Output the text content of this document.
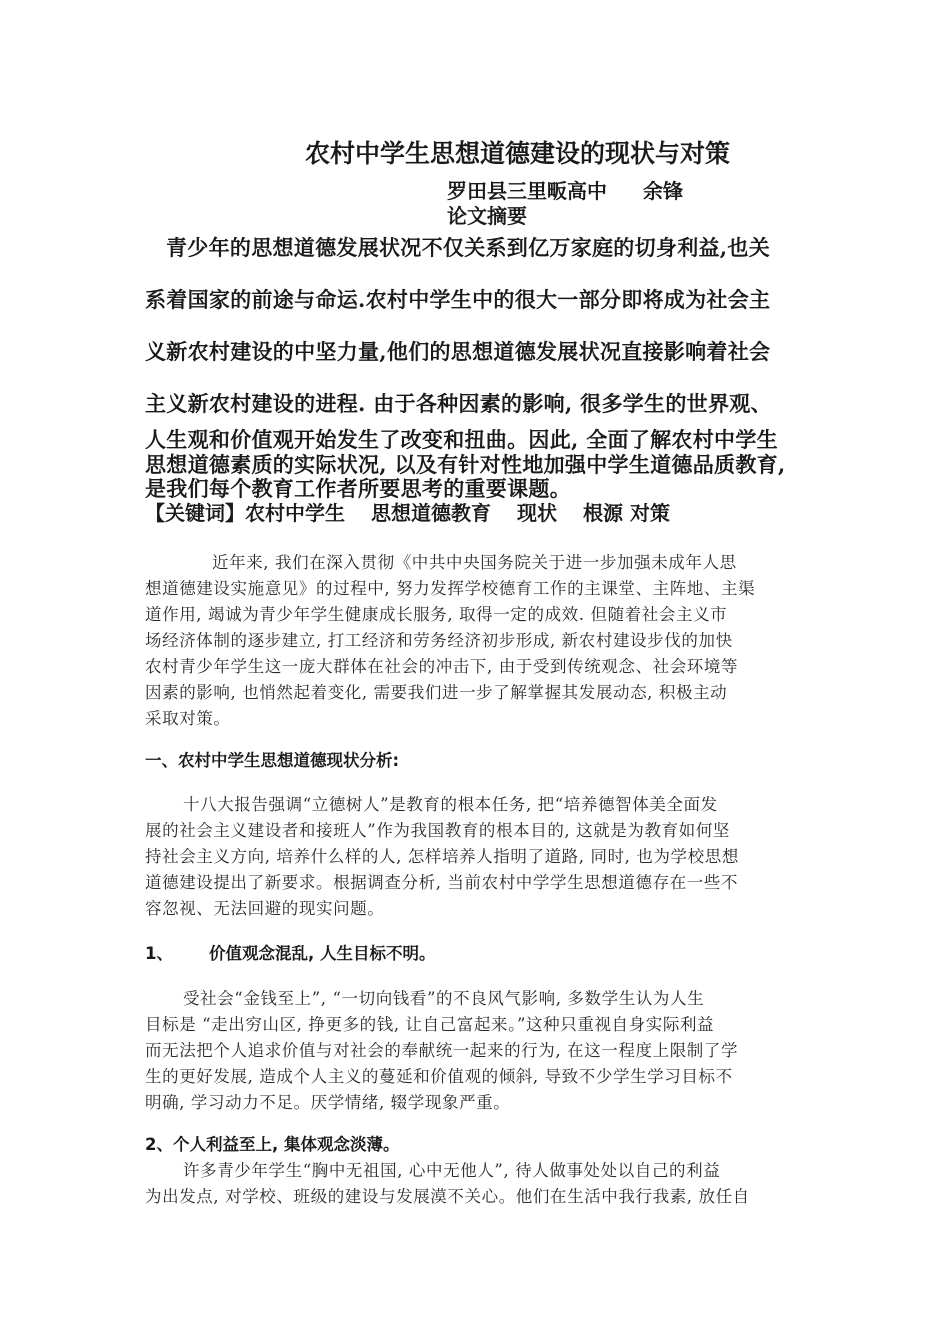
农村中学生思想道德建设的现状与对策
罗田县三里畈高中 余锋
论文摘要
青少年的思想道德发展状况不仅关系到亿万家庭的切身利益,也关
系着国家的前途与命运.农村中学生中的很大一部分即将成为社会主
义新农村建设的中坚力量,他们的思想道德发展状况直接影响着社会
主义新农村建设的进程. 由于各种因素的影响, 很多学生的世界观、
人生观和价值观开始发生了改变和扭曲。因此, 全面了解农村中学生
思想道德素质的实际状况, 以及有针对性地加强中学生道德品质教育,
是我们每个教育工作者所要思考的重要课题。
【关键词】农村中学生 思想道德教育 现状 根源 对策
近年来, 我们在深入贯彻《中共中央国务院关于进一步加强未成年人思
想道德建设实施意见》的过程中, 努力发挥学校德育工作的主课堂、主阵地、主渠
道作用, 竭诚为青少年学生健康成长服务, 取得一定的成效. 但随着社会主义市
场经济体制的逐步建立, 打工经济和劳务经济初步形成, 新农村建设步伐的加快
农村青少年学生这一庞大群体在社会的冲击下, 由于受到传统观念、社会环境等
因素的影响, 也悄然起着变化, 需要我们进一步了解掌握其发展动态, 积极主动
采取对策。
一、农村中学生思想道德现状分析:
十八大报告强调“立德树人”是教育的根本任务, 把“培养德智体美全面发
展的社会主义建设者和接班人”作为我国教育的根本目的, 这就是为教育如何坚
持社会主义方向, 培养什么样的人, 怎样培养人指明了道路, 同时, 也为学校思想
道德建设提出了新要求。根据调查分析, 当前农村中学学生思想道德存在一些不
容忽视、无法回避的现实问题。
1、 价值观念混乱, 人生目标不明。
受社会“金钱至上”, “一切向钱看”的不良风气影响, 多数学生认为人生
目标是 “走出穷山区, 挣更多的钱, 让自己富起来。”这种只重视自身实际利益
而无法把个人追求价值与对社会的奉献统一起来的行为, 在这一程度上限制了学
生的更好发展, 造成个人主义的蔓延和价值观的倾斜, 导致不少学生学习目标不
明确, 学习动力不足。厌学情绪, 辍学现象严重。
2、个人利益至上, 集体观念淡薄。
许多青少年学生“胸中无祖国, 心中无他人”, 待人做事处处以自己的利益
为出发点, 对学校、班级的建设与发展漠不关心。他们在生活中我行我素, 放任自
